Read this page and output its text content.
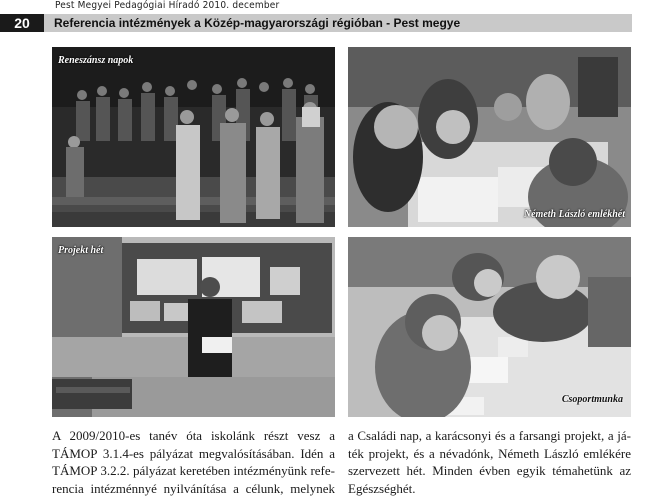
Pest Megyei Pedagógiai Híradó 2010. december
20	Referencia intézmények a Közép-magyarországi régióban - Pest megye
Reneszánsz napok
Németh László emlékhét
Projekt hét
Csoportmunka
A 2009/2010-es tanév óta iskolánk részt vesz a
TÁMOP 3.1.4-es pályázat megvalósításában. Idén a
TÁMOP 3.2.2. pályázat keretében intézményünk refe-
rencia intézménnyé nyilvánítása a célunk, melynek
a Családi nap, a karácsonyi és a farsangi projekt, a já-
ték projekt, és a névadónk, Németh László emlékére
szervezett hét. Minden évben egyik témahetünk az
Egészséghét.
